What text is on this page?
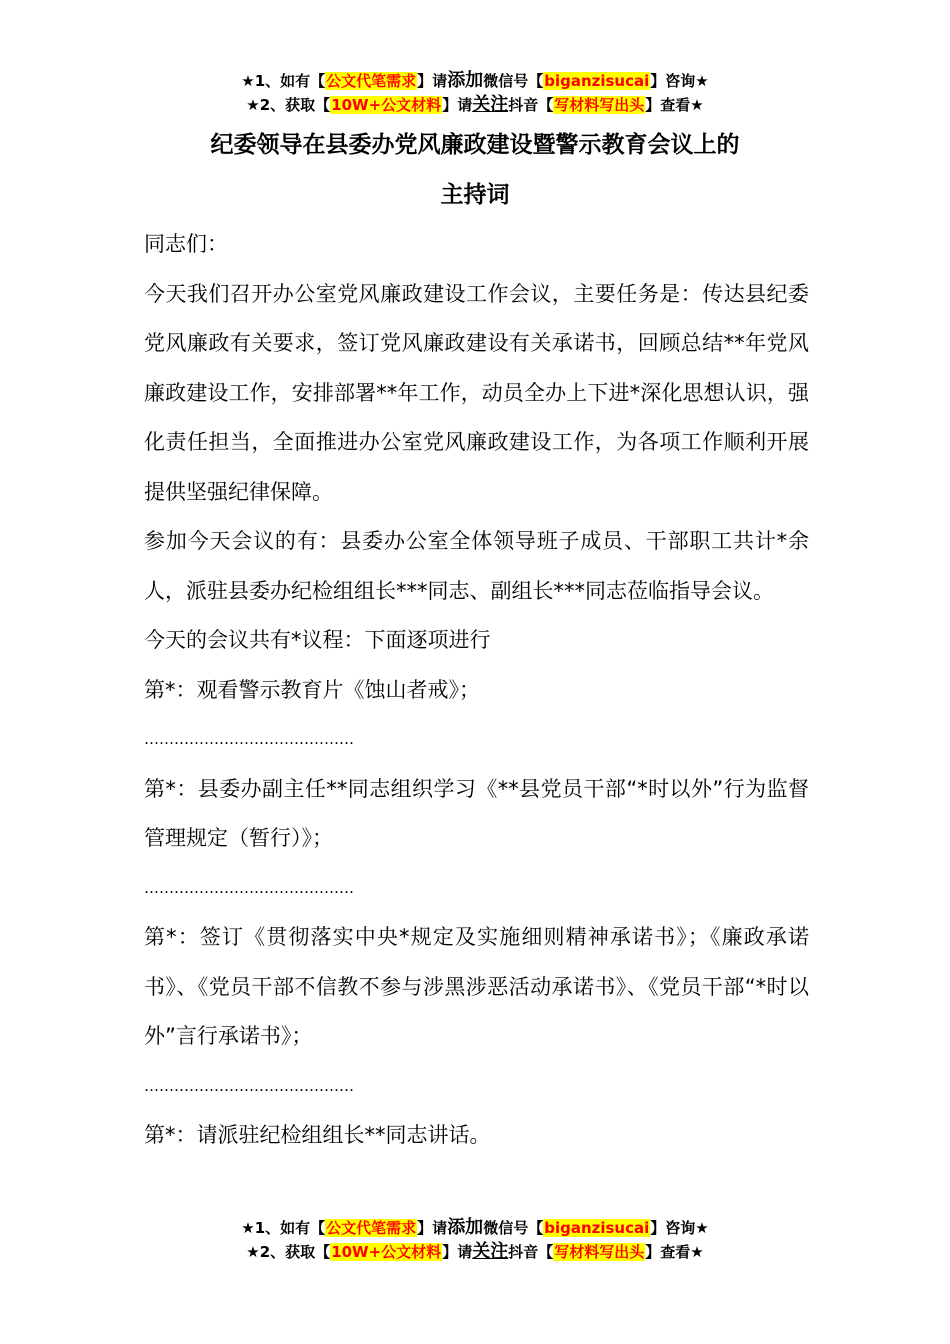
★1、如有【公文代笔需求】请添加微信号【biganzisucai】咨询★
★2、获取【10W+公文材料】请关注抖音【写材料写出头】查看★
纪委领导在县委办党风廉政建设暨警示教育会议上的
主持词

同志们：

今天我们召开办公室党风廉政建设工作会议，主要任务是：传达县纪委党风廉政有关要求，签订党风廉政建设有关承诺书，回顾总结**年党风廉政建设工作，安排部署**年工作，动员全办上下进*深化思想认识，强化责任担当，全面推进办公室党风廉政建设工作，为各项工作顺利开展提供坚强纪律保障。

参加今天会议的有：县委办公室全体领导班子成员、干部职工共计*余人，派驻县委办纪检组组长***同志、副组长***同志莅临指导会议。

今天的会议共有*议程：下面逐项进行

第*：观看警示教育片《蚀山者戒》；

……………………………………

第*：县委办副主任**同志组织学习《**县党员干部“*时以外”行为监督管理规定（暂行）》；

……………………………………

第*：签订《贯彻落实中央*规定及实施细则精神承诺书》；《廉政承诺书》、《党员干部不信教不参与涉黑涉恶活动承诺书》、《党员干部“*时以外”言行承诺书》；

……………………………………

第*：请派驻纪检组组长**同志讲话。

★1、如有【公文代笔需求】请添加微信号【biganzisucai】咨询★
★2、获取【10W+公文材料】请关注抖音【写材料写出头】查看★
